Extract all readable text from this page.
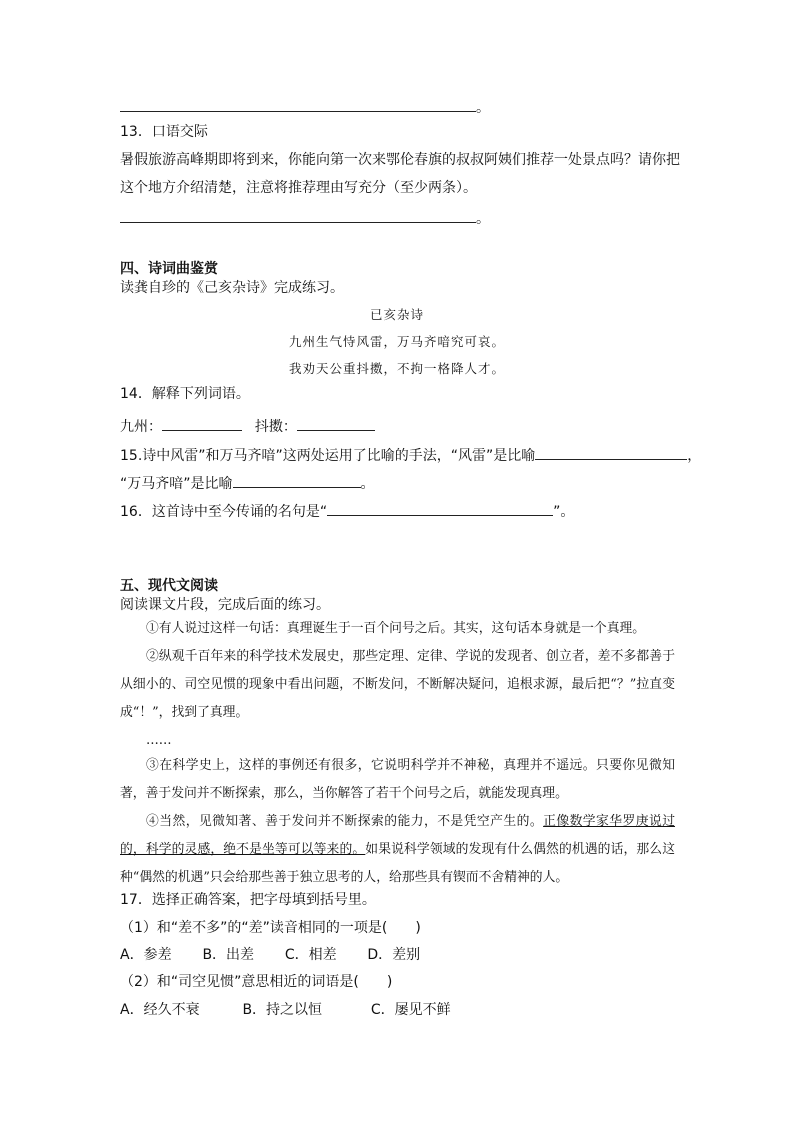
。
13．口语交际
暑假旅游高峰期即将到来，你能向第一次来鄂伦春旗的叔叔阿姨们推荐一处景点吗？请你把
这个地方介绍清楚，注意将推荐理由写充分（至少两条）。
。
四、诗词曲鉴赏
读龚自珍的《己亥杂诗》完成练习。
已亥杂诗
九州生气恃风雷，万马齐喑究可哀。
我劝天公重抖擞，不拘一格降人才。
14．解释下列词语。
九州：	抖擞：
15.诗中风雷”和万马齐喑”这两处运用了比喻的手法，“风雷”是比喻	，
“万马齐喑”是比喻	。
16．这首诗中至今传诵的名句是“	”。
五、现代文阅读
阅读课文片段，完成后面的练习。
①有人说过这样一句话：真理诞生于一百个问号之后。其实，这句话本身就是一个真理。
②纵观千百年来的科学技术发展史，那些定理、定律、学说的发现者、创立者，差不多都善于从细小的、司空见惯的现象中看出问题，不断发问，不断解决疑问，追根求源，最后把“？”拉直变成“！”，找到了真理。
……
③在科学史上，这样的事例还有很多，它说明科学并不神秘，真理并不遥远。只要你见微知著，善于发问并不断探索，那么，当你解答了若干个问号之后，就能发现真理。
④当然，见微知著、善于发问并不断探索的能力，不是凭空产生的。正像数学家华罗庚说过的，科学的灵感，绝不是坐等可以等来的。如果说科学领域的发现有什么偶然的机遇的话，那么这种“偶然的机遇”只会给那些善于独立思考的人，给那些具有锲而不舍精神的人。
17．选择正确答案，把字母填到括号里。
（1）和“差不多”的“差”读音相同的一项是(　　)
A．参差 B．出差 C．相差 D．差别
（2）和“司空见惯”意思相近的词语是(　　)
A．经久不衰	B．持之以恒	C．屡见不鲜
